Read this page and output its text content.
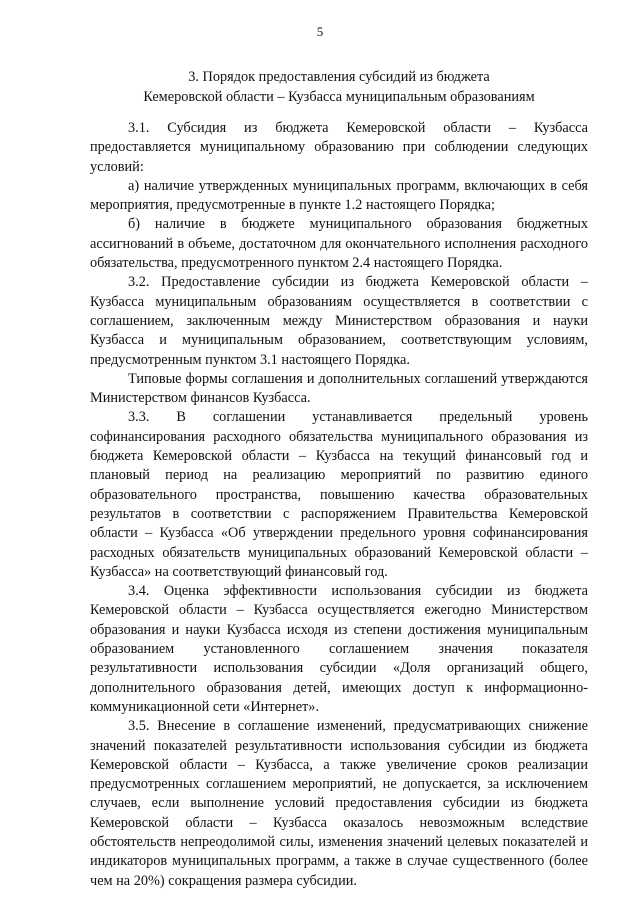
5
3. Порядок предоставления субсидий из бюджета
Кемеровской области – Кузбасса муниципальным образованиям

3.1. Субсидия из бюджета Кемеровской области – Кузбасса предоставляется муниципальному образованию при соблюдении следующих условий:

а) наличие утвержденных муниципальных программ, включающих в себя мероприятия, предусмотренные в пункте 1.2 настоящего Порядка;

б) наличие в бюджете муниципального образования бюджетных ассигнований в объеме, достаточном для окончательного исполнения расходного обязательства, предусмотренного пунктом 2.4 настоящего Порядка.

3.2. Предоставление субсидии из бюджета Кемеровской области – Кузбасса муниципальным образованиям осуществляется в соответствии с соглашением, заключенным между Министерством образования и науки Кузбасса и муниципальным образованием, соответствующим условиям, предусмотренным пунктом 3.1 настоящего Порядка.

Типовые формы соглашения и дополнительных соглашений утверждаются Министерством финансов Кузбасса.

3.3. В соглашении устанавливается предельный уровень софинансирования расходного обязательства муниципального образования из бюджета Кемеровской области – Кузбасса на текущий финансовый год и плановый период на реализацию мероприятий по развитию единого образовательного пространства, повышению качества образовательных результатов в соответствии с распоряжением Правительства Кемеровской области – Кузбасса «Об утверждении предельного уровня софинансирования расходных обязательств муниципальных образований Кемеровской области – Кузбасса» на соответствующий финансовый год.

3.4. Оценка эффективности использования субсидии из бюджета Кемеровской области – Кузбасса осуществляется ежегодно Министерством образования и науки Кузбасса исходя из степени достижения муниципальным образованием установленного соглашением значения показателя результативности использования субсидии «Доля организаций общего, дополнительного образования детей, имеющих доступ к информационно-коммуникационной сети «Интернет».

3.5. Внесение в соглашение изменений, предусматривающих снижение значений показателей результативности использования субсидии из бюджета Кемеровской области – Кузбасса, а также увеличение сроков реализации предусмотренных соглашением мероприятий, не допускается, за исключением случаев, если выполнение условий предоставления субсидии из бюджета Кемеровской области – Кузбасса оказалось невозможным вследствие обстоятельств непреодолимой силы, изменения значений целевых показателей и индикаторов муниципальных программ, а также в случае существенного (более чем на 20%) сокращения размера субсидии.
